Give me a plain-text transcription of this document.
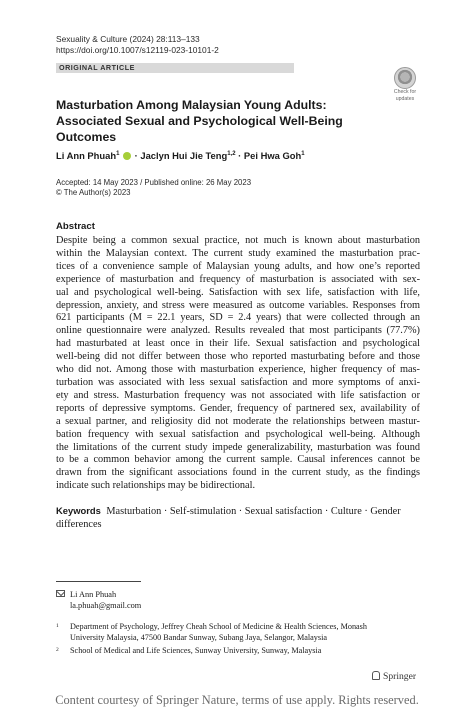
Sexuality & Culture (2024) 28:113–133
https://doi.org/10.1007/s12119-023-10101-2
ORIGINAL ARTICLE
Check for
updates
Masturbation Among Malaysian Young Adults: Associated Sexual and Psychological Well-Being Outcomes
Li Ann Phuah$^1$ · Jaclyn Hui Jie Teng$^{1,2}$ · Pei Hwa Goh$^1$
Accepted: 14 May 2023 / Published online: 26 May 2023
© The Author(s) 2023
Abstract
Despite being a common sexual practice, not much is known about masturbation
within the Malaysian context. The current study examined the masturbation prac-
tices of a convenience sample of Malaysian young adults, and how one’s reported
experience of masturbation and frequency of masturbation is associated with sex-
ual and psychological well-being. Satisfaction with sex life, satisfaction with life,
depression, anxiety, and stress were measured as outcome variables. Responses from
621 participants (M = 22.1 years, SD = 2.4 years) that were collected through an
online questionnaire were analyzed. Results revealed that most participants (77.7%)
had masturbated at least once in their life. Sexual satisfaction and psychological
well-being did not differ between those who reported masturbating before and those
who did not. Among those with masturbation experience, higher frequency of mas-
turbation was associated with less sexual satisfaction and more symptoms of anxi-
ety and stress. Masturbation frequency was not associated with life satisfaction or
reports of depressive symptoms. Gender, frequency of partnered sex, availability of
a sexual partner, and religiosity did not moderate the relationships between mastur-
bation frequency with sexual satisfaction and psychological well-being. Although
the limitations of the current study impede generalizability, masturbation was found
to be a common behavior among the current sample. Causal inferences cannot be
drawn from the significant associations found in the current study, as the findings
indicate such relationships may be bidirectional.
Keywords Masturbation · Self-stimulation · Sexual satisfaction · Culture · Gender differences
Li Ann Phuah
la.phuah@gmail.com
1 Department of Psychology, Jeffrey Cheah School of Medicine & Health Sciences, Monash University Malaysia, 47500 Bandar Sunway, Subang Jaya, Selangor, Malaysia
2 School of Medical and Life Sciences, Sunway University, Sunway, Malaysia
Springer
Content courtesy of Springer Nature, terms of use apply. Rights reserved.
